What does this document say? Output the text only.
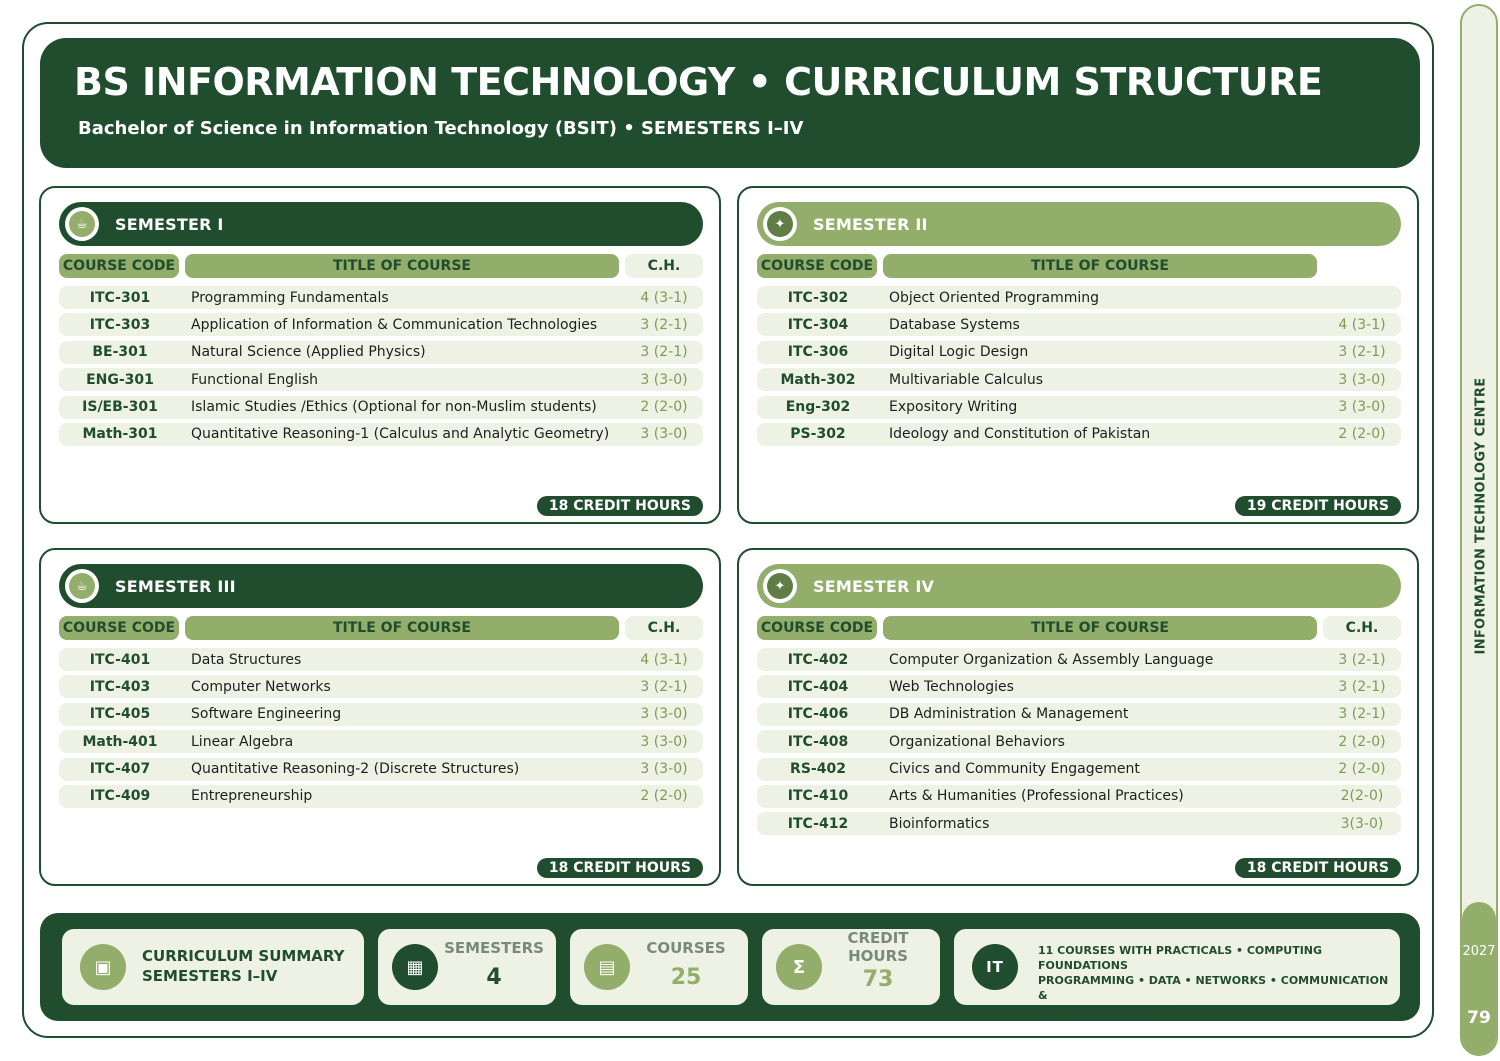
BS INFORMATION TECHNOLOGY • CURRICULUM STRUCTURE
Bachelor of Science in Information Technology (BSIT) • SEMESTERS I–IV
☕	SEMESTER I
COURSE CODE	TITLE OF COURSE	C.H.
ITC-301	Programming Fundamentals	4 (3-1)
ITC-303	Application of Information & Communication Technologies	3 (2-1)
BE-301	Natural Science (Applied Physics)	3 (2-1)
ENG-301	Functional English	3 (3-0)
IS/EB-301	Islamic Studies /Ethics (Optional for non-Muslim students)	2 (2-0)
Math-301	Quantitative Reasoning-1 (Calculus and Analytic Geometry)	3 (3-0)
18 CREDIT HOURS
✦	SEMESTER II
COURSE CODE	TITLE OF COURSE
ITC-302	Object Oriented Programming
ITC-304	Database Systems	4 (3-1)
ITC-306	Digital Logic Design	3 (2-1)
Math-302	Multivariable Calculus	3 (3-0)
Eng-302	Expository Writing	3 (3-0)
PS-302	Ideology and Constitution of Pakistan	2 (2-0)
19 CREDIT HOURS
☕	SEMESTER III
COURSE CODE	TITLE OF COURSE	C.H.
ITC-401	Data Structures	4 (3-1)
ITC-403	Computer Networks	3 (2-1)
ITC-405	Software Engineering	3 (3-0)
Math-401	Linear Algebra	3 (3-0)
ITC-407	Quantitative Reasoning-2 (Discrete Structures)	3 (3-0)
ITC-409	Entrepreneurship	2 (2-0)
18 CREDIT HOURS
✦	SEMESTER IV
COURSE CODE	TITLE OF COURSE	C.H.
ITC-402	Computer Organization & Assembly Language	3 (2-1)
ITC-404	Web Technologies	3 (2-1)
ITC-406	DB Administration & Management	3 (2-1)
ITC-408	Organizational Behaviors	2 (2-0)
RS-402	Civics and Community Engagement	2 (2-0)
ITC-410	Arts & Humanities (Professional Practices)	2(2-0)
ITC-412	Bioinformatics	3(3-0)
18 CREDIT HOURS
▣
CURRICULUM SUMMARY
SEMESTERS I–IV	▦
SEMESTERS
4	▤
COURSES
25	Σ
CREDIT
HOURS
73	IT
11 COURSES WITH PRACTICALS • COMPUTING FOUNDATIONS
PROGRAMMING • DATA • NETWORKS • COMMUNICATION &
QUANTITATIVE SKILLS
INFORMATION TECHNOLOGY CENTRE
2027
79
